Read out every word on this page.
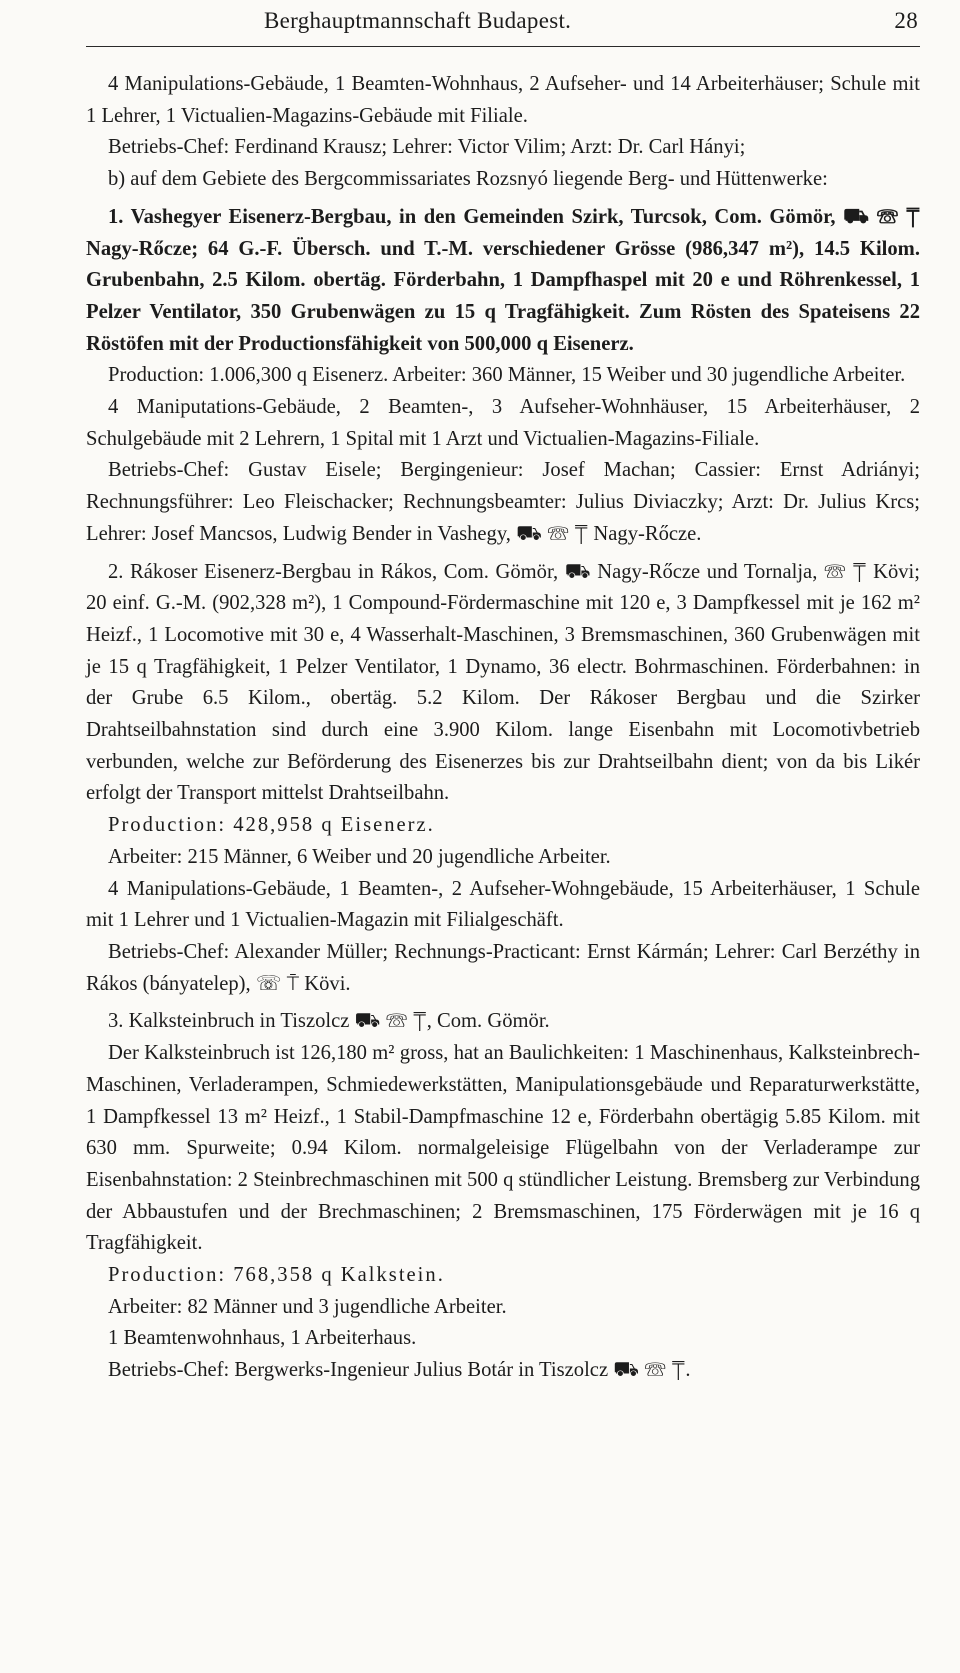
Berghauptmannschaft Budapest.	28

4 Manipulations-Gebäude, 1 Beamten-Wohnhaus, 2 Aufseher- und 14 Arbeiterhäuser; Schule mit 1 Lehrer, 1 Victualien-Magazins-Gebäude mit Filiale.

Betriebs-Chef: Ferdinand Krausz; Lehrer: Victor Vilim; Arzt: Dr. Carl Hányi;

b) auf dem Gebiete des Bergcommissariates Rozsnyó liegende Berg- und Hüttenwerke:

1. Vashegyer Eisenerz-Bergbau, in den Gemeinden Szirk, Turcsok, Com. Gömör, ⛟ ☏ ⍑ Nagy-Rőcze; 64 G.-F. Übersch. und T.-M. verschiedener Grösse (986,347 m²), 14.5 Kilom. Grubenbahn, 2.5 Kilom. obertäg. Förderbahn, 1 Dampfhaspel mit 20 e und Röhrenkessel, 1 Pelzer Ventilator, 350 Grubenwägen zu 15 q Tragfähigkeit. Zum Rösten des Spateisens 22 Röstöfen mit der Productionsfähigkeit von 500,000 q Eisenerz.

Production: 1.006,300 q Eisenerz. Arbeiter: 360 Männer, 15 Weiber und 30 jugendliche Arbeiter.

4 Maniputations-Gebäude, 2 Beamten-, 3 Aufseher-Wohnhäuser, 15 Arbeiterhäuser, 2 Schulgebäude mit 2 Lehrern, 1 Spital mit 1 Arzt und Victualien-Magazins-Filiale.

Betriebs-Chef: Gustav Eisele; Bergingenieur: Josef Machan; Cassier: Ernst Adriányi; Rechnungsführer: Leo Fleischacker; Rechnungsbeamter: Julius Diviaczky; Arzt: Dr. Julius Krcs; Lehrer: Josef Mancsos, Ludwig Bender in Vashegy, ⛟ ☏ ⍑ Nagy-Rőcze.

2. Rákoser Eisenerz-Bergbau in Rákos, Com. Gömör, ⛟ Nagy-Rőcze und Tornalja, ☏ ⍑ Kövi; 20 einf. G.-M. (902,328 m²), 1 Compound-Fördermaschine mit 120 e, 3 Dampfkessel mit je 162 m² Heizf., 1 Locomotive mit 30 e, 4 Wasserhalt-Maschinen, 3 Bremsmaschinen, 360 Grubenwägen mit je 15 q Tragfähigkeit, 1 Pelzer Ventilator, 1 Dynamo, 36 electr. Bohrmaschinen. Förderbahnen: in der Grube 6.5 Kilom., obertäg. 5.2 Kilom. Der Rákoser Bergbau und die Szirker Drahtseilbahnstation sind durch eine 3.900 Kilom. lange Eisenbahn mit Locomotivbetrieb verbunden, welche zur Beförderung des Eisenerzes bis zur Drahtseilbahn dient; von da bis Likér erfolgt der Transport mittelst Drahtseilbahn.

Production: 428,958 q Eisenerz.

Arbeiter: 215 Männer, 6 Weiber und 20 jugendliche Arbeiter.

4 Manipulations-Gebäude, 1 Beamten-, 2 Aufseher-Wohngebäude, 15 Arbeiterhäuser, 1 Schule mit 1 Lehrer und 1 Victualien-Magazin mit Filialgeschäft.

Betriebs-Chef: Alexander Müller; Rechnungs-Practicant: Ernst Kármán; Lehrer: Carl Berzéthy in Rákos (bányatelep), ☏ ⍑ Kövi.

3. Kalksteinbruch in Tiszolcz ⛟ ☏ ⍑, Com. Gömör.

Der Kalksteinbruch ist 126,180 m² gross, hat an Baulichkeiten: 1 Maschinenhaus, Kalksteinbrech-Maschinen, Verladerampen, Schmiedewerkstätten, Manipulationsgebäude und Reparaturwerkstätte, 1 Dampfkessel 13 m² Heizf., 1 Stabil-Dampfmaschine 12 e, Förderbahn obertägig 5.85 Kilom. mit 630 mm. Spurweite; 0.94 Kilom. normalgeleisige Flügelbahn von der Verladerampe zur Eisenbahnstation: 2 Steinbrechmaschinen mit 500 q stündlicher Leistung. Bremsberg zur Verbindung der Abbaustufen und der Brechmaschinen; 2 Bremsmaschinen, 175 Förderwägen mit je 16 q Tragfähigkeit.

Production: 768,358 q Kalkstein.

Arbeiter: 82 Männer und 3 jugendliche Arbeiter.

1 Beamtenwohnhaus, 1 Arbeiterhaus.

Betriebs-Chef: Bergwerks-Ingenieur Julius Botár in Tiszolcz ⛟ ☏ ⍑.
